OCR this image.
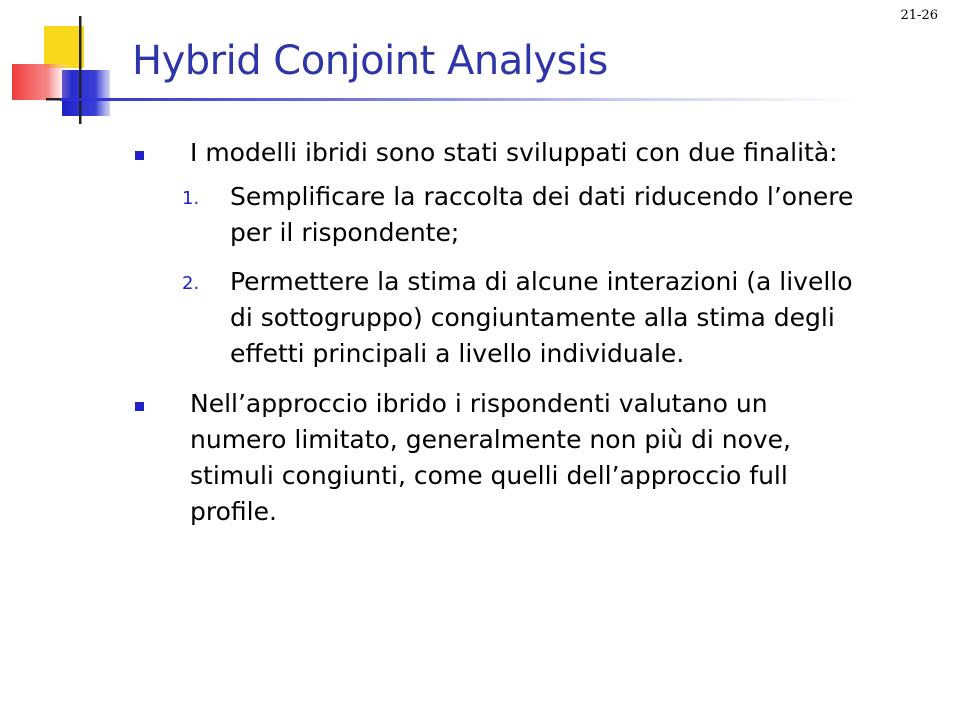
21-26
Hybrid Conjoint Analysis
I modelli ibridi sono stati sviluppati con due finalità:
1. Semplificare la raccolta dei dati riducendo l’onere
per il rispondente;
2. Permettere la stima di alcune interazioni (a livello
di sottogruppo) congiuntamente alla stima degli
effetti principali a livello individuale.
Nell’approccio ibrido i rispondenti valutano un
numero limitato, generalmente non più di nove,
stimuli congiunti, come quelli dell’approccio full
profile.
